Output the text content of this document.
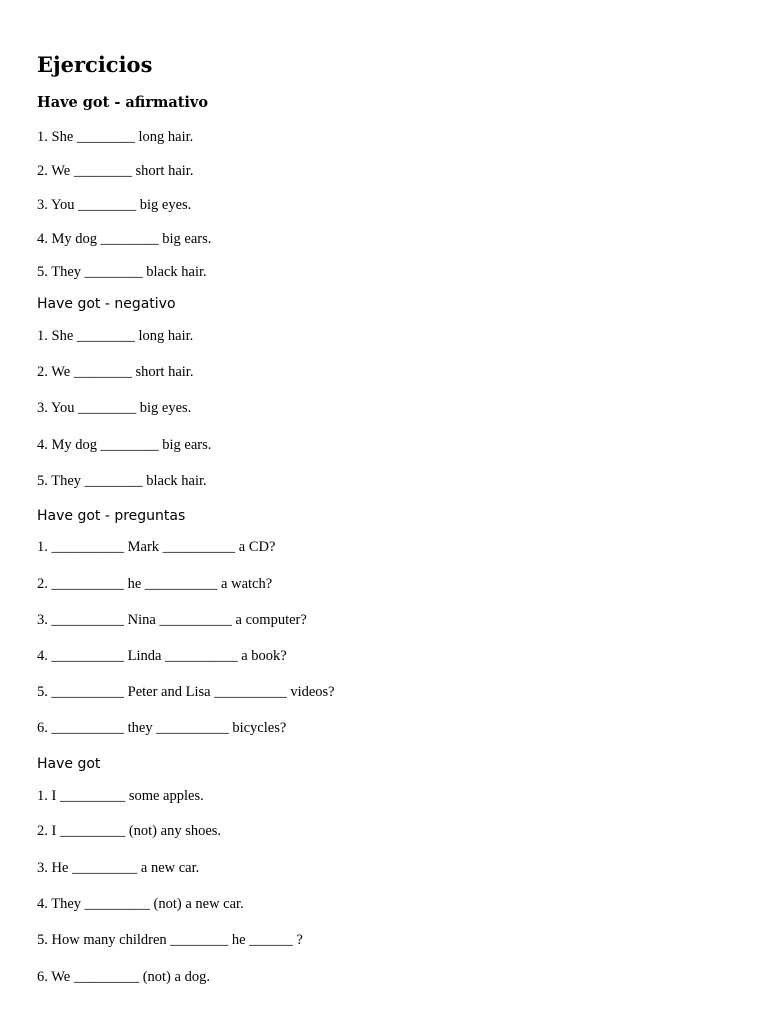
Ejercicios
Have got - afirmativo
1. She ________ long hair.
2. We ________ short hair.
3. You ________ big eyes.
4. My dog ________ big ears.
5. They ________ black hair.
Have got - negativo
1. She ________ long hair.
2. We ________ short hair.
3. You ________ big eyes.
4. My dog ________ big ears.
5. They ________ black hair.
Have got - preguntas
1. __________ Mark __________ a CD?
2. __________ he __________ a watch?
3. __________ Nina __________ a computer?
4. __________ Linda __________ a book?
5. __________ Peter and Lisa __________ videos?
6. __________ they __________ bicycles?
Have got
1. I _________ some apples.
2. I _________ (not) any shoes.
3. He _________ a new car.
4. They _________ (not) a new car.
5. How many children ________ he ______ ?
6. We _________ (not) a dog.
